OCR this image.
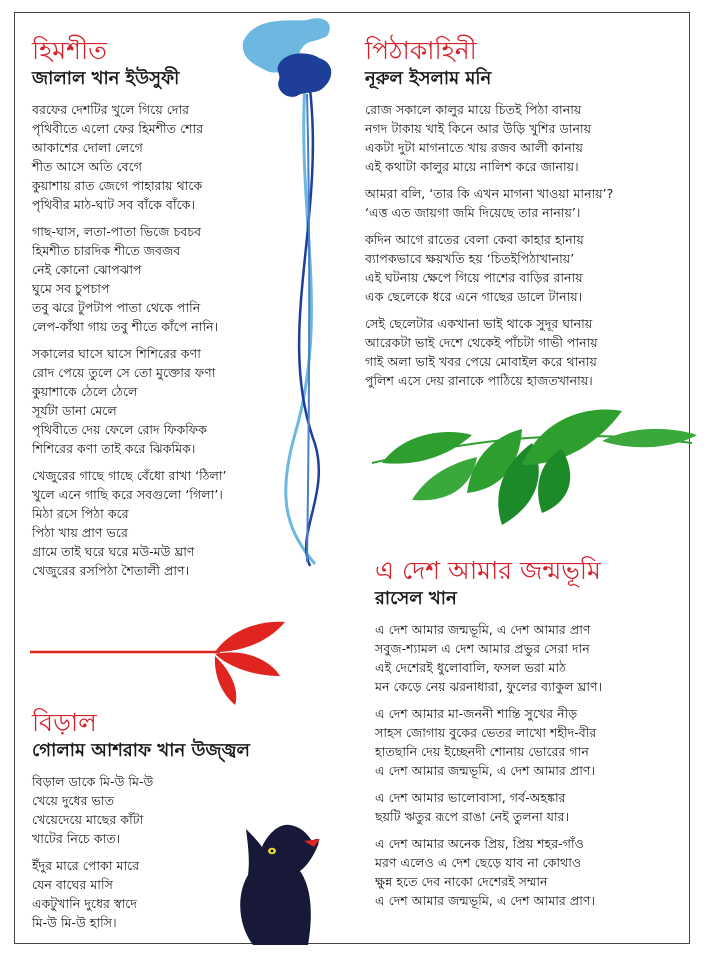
হিমশীত
জালাল খান ইউসুফী
বরফের দেশটির খুলে গিয়ে দোর
পৃথিবীতে এলো ফের হিমশীত শোর
আকাশের দোলা লেগে
শীত আসে অতি বেগে
কুয়াশায় রাত জেগে পাহারায় থাকে
পৃথিবীর মাঠ-ঘাট সব বাঁকে বাঁকে।
গাছ-ঘাস, লতা-পাতা ভিজে চবচব
হিমশীত চারদিক শীতে জবজব
নেই কোনো ঝোপঝাপ
ঘুমে সব চুপচাপ
তবু ঝরে টুপটাপ পাতা থেকে পানি
লেপ-কাঁথা গায় তবু শীতে কাঁপে নানি।
সকালের ঘাসে ঘাসে শিশিরের কণা
রোদ পেয়ে তুলে সে তো মুক্তোর ফণা
কুয়াশাকে ঠেলে ঠেলে
সূর্যটা ডানা মেলে
পৃথিবীতে দেয় ফেলে রোদ ফিকফিক
শিশিরের কণা তাই করে ঝিকমিক।
খেজুরের গাছে গাছে বেঁধো রাখা ‘ঠিলা’
খুলে এনে গাছি করে সবগুলো ‘গিলা’।
মিঠা রসে পিঠা করে
পিঠা খায় প্রাণ ভরে
গ্রামে তাই ঘরে ঘরে মউ-মউ ঘ্রাণ
খেজুরের রসপিঠা শৈতালী প্রাণ।
পিঠাকাহিনী
নূরুল ইসলাম মনি
রোজ সকালে কালুর মায়ে চিতই পিঠা বানায়
নগদ টাকায় খাই কিনে আর উড়ি খুশির ডানায়
একটা দুটা মাগনাতে খায় রজব আলী কানায়
এই কথাটা কালুর মায়ে নালিশ করে জানায়।
আমরা বলি, ‘তার কি এখন মাগনা খাওয়া মানায়’?
‘এত্ত এত জায়গা জমি দিয়েছে তার নানায়’।
কদিন আগে রাতের বেলা কেবা কাহার হানায়
ব্যাপকভাবে ক্ষয়খতি হয় ‘চিতইপিঠাখানায়’
এই ঘটনায় ক্ষেপে গিয়ে পাশের বাড়ির রানায়
এক ছেলেকে ধরে এনে গাছের ডালে টানায়।
সেই ছেলেটার একখানা ভাই থাকে সুদূর ঘানায়
আরেকটা ভাই দেশে থেকেই পাঁচটা গাভী পানায়
গাই অলা ভাই খবর পেয়ে মোবাইল করে থানায়
পুলিশ এসে দেয় রানাকে পাঠিয়ে হাজতখানায়।
এ দেশ আমার জন্মভূমি
রাসেল খান
এ দেশ আমার জন্মভূমি, এ দেশ আমার প্রাণ
সবুজ-শ্যামল এ দেশ আমার প্রভুর সেরা দান
এই দেশেরই ধুলোবালি, ফসল ভরা মাঠ
মন কেড়ে নেয় ঝরনাধারা, ফুলের ব্যাকুল ঘ্রাণ।
এ দেশ আমার মা-জননী শান্তি সুখের নীড়
সাহস জোগায় বুকের ভেতর লাখো শহীদ-বীর
হাতছানি দেয় ইচ্ছেনদী শোনায় ভোরের গান
এ দেশ আমার জন্মভূমি, এ দেশ আমার প্রাণ।
এ দেশ আমার ভালোবাসা, গর্ব-অহঙ্কার
ছয়টি ঋতুর রূপে রাঙা নেই তুলনা যার।
এ দেশ আমার অনেক প্রিয়, প্রিয় শহর-গাঁও
মরণ এলেও এ দেশ ছেড়ে যাব না কোথাও
ক্ষুন্ন হতে দেব নাকো দেশেরই সম্মান
এ দেশ আমার জন্মভূমি, এ দেশ আমার প্রাণ।
বিড়াল
গোলাম আশরাফ খান উজ্জ্বল
বিড়াল ডাকে মি-উ মি-উ
খেয়ে দুধের ভাত
খেয়েদেয়ে মাছের কাঁটা
খাটের নিচে কাত।
ইঁদুর মারে পোকা মারে
যেন বাঘের মাসি
একটুখানি দুধের স্বাদে
মি-উ মি-উ হাসি।
